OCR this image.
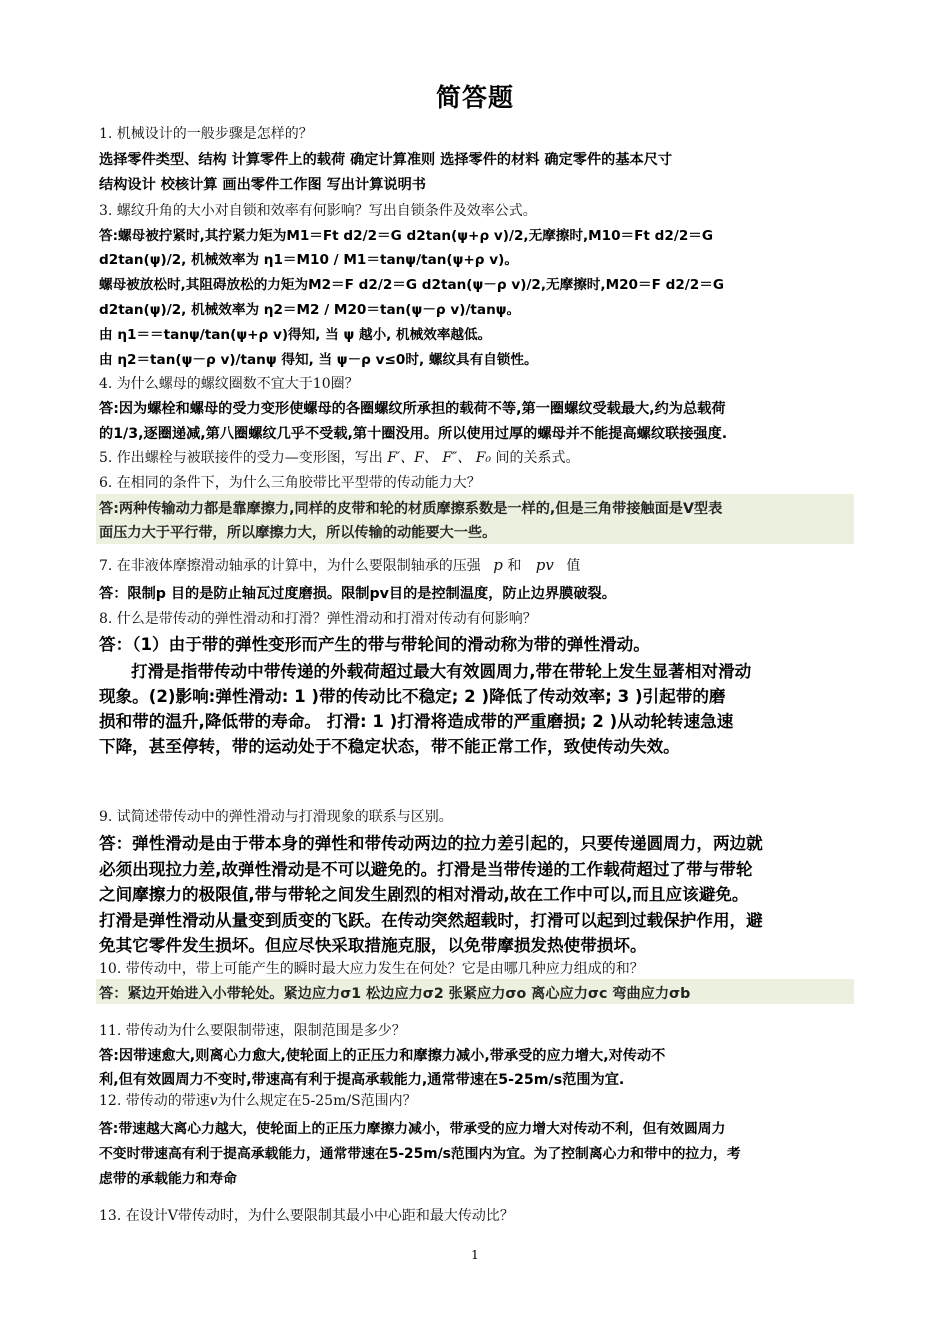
简答题
1. 机械设计的一般步骤是怎样的？
选择零件类型、结构 计算零件上的载荷 确定计算准则 选择零件的材料 确定零件的基本尺寸
结构设计 校核计算 画出零件工作图 写出计算说明书
3. 螺纹升角的大小对自锁和效率有何影响？写出自锁条件及效率公式。
答:螺母被拧紧时,其拧紧力矩为M1＝Ft d2/2＝G d2tan(ψ+ρ v)/2,无摩擦时,M10＝Ft d2/2＝G
d2tan(ψ)/2, 机械效率为 η1＝M10 / M1＝tanψ/tan(ψ+ρ v)。
螺母被放松时,其阻碍放松的力矩为M2＝F d2/2＝G d2tan(ψ－ρ v)/2,无摩擦时,M20＝F d2/2＝G
d2tan(ψ)/2, 机械效率为 η2＝M2 / M20＝tan(ψ－ρ v)/tanψ。
由 η1＝＝tanψ/tan(ψ+ρ v)得知, 当 ψ 越小, 机械效率越低。
由 η2＝tan(ψ－ρ v)/tanψ 得知, 当 ψ－ρ v≤0时, 螺纹具有自锁性。
4. 为什么螺母的螺纹圈数不宜大于10圈？
答:因为螺栓和螺母的受力变形使螺母的各圈螺纹所承担的载荷不等,第一圈螺纹受载最大,约为总载荷
的1/3,逐圈递减,第八圈螺纹几乎不受载,第十圈没用。所以使用过厚的螺母并不能提高螺纹联接强度.
5. 作出螺栓与被联接件的受力—变形图，写出 F′、F、 F″、 F₀ 间的关系式。
6. 在相同的条件下，为什么三角胶带比平型带的传动能力大？
答:两种传输动力都是靠摩擦力,同样的皮带和轮的材质摩擦系数是一样的,但是三角带接触面是V型表
面压力大于平行带，所以摩擦力大，所以传输的动能要大一些。
7. 在非液体摩擦滑动轴承的计算中，为什么要限制轴承的压强 p 和 pv 值
答：限制p 目的是防止轴瓦过度磨损。限制pv目的是控制温度，防止边界膜破裂。
8. 什么是带传动的弹性滑动和打滑？弹性滑动和打滑对传动有何影响？
答：（1）由于带的弹性变形而产生的带与带轮间的滑动称为带的弹性滑动。
打滑是指带传动中带传递的外载荷超过最大有效圆周力,带在带轮上发生显著相对滑动
现象。(2)影响:弹性滑动: 1 )带的传动比不稳定; 2 )降低了传动效率; 3 )引起带的磨
损和带的温升,降低带的寿命。 打滑: 1 )打滑将造成带的严重磨损; 2 )从动轮转速急速
下降，甚至停转，带的运动处于不稳定状态，带不能正常工作，致使传动失效。
9. 试简述带传动中的弹性滑动与打滑现象的联系与区别。
答：弹性滑动是由于带本身的弹性和带传动两边的拉力差引起的，只要传递圆周力，两边就
必须出现拉力差,故弹性滑动是不可以避免的。打滑是当带传递的工作载荷超过了带与带轮
之间摩擦力的极限值,带与带轮之间发生剧烈的相对滑动,故在工作中可以,而且应该避免。
打滑是弹性滑动从量变到质变的飞跃。在传动突然超载时，打滑可以起到过载保护作用，避
免其它零件发生损坏。但应尽快采取措施克服，以免带摩损发热使带损坏。
10. 带传动中，带上可能产生的瞬时最大应力发生在何处？它是由哪几种应力组成的和？
答：紧边开始进入小带轮处。紧边应力σ1 松边应力σ2 张紧应力σo 离心应力σc 弯曲应力σb
11. 带传动为什么要限制带速，限制范围是多少？
答:因带速愈大,则离心力愈大,使轮面上的正压力和摩擦力减小,带承受的应力增大,对传动不
利,但有效圆周力不变时,带速高有利于提高承载能力,通常带速在5-25m/s范围为宜.
12. 带传动的带速v为什么规定在5-25m/S范围内？
答:带速越大离心力越大，使轮面上的正压力摩擦力减小，带承受的应力增大对传动不利，但有效圆周力
不变时带速高有利于提高承载能力，通常带速在5-25m/s范围内为宜。为了控制离心力和带中的拉力，考
虑带的承载能力和寿命
13. 在设计V带传动时，为什么要限制其最小中心距和最大传动比？
1
